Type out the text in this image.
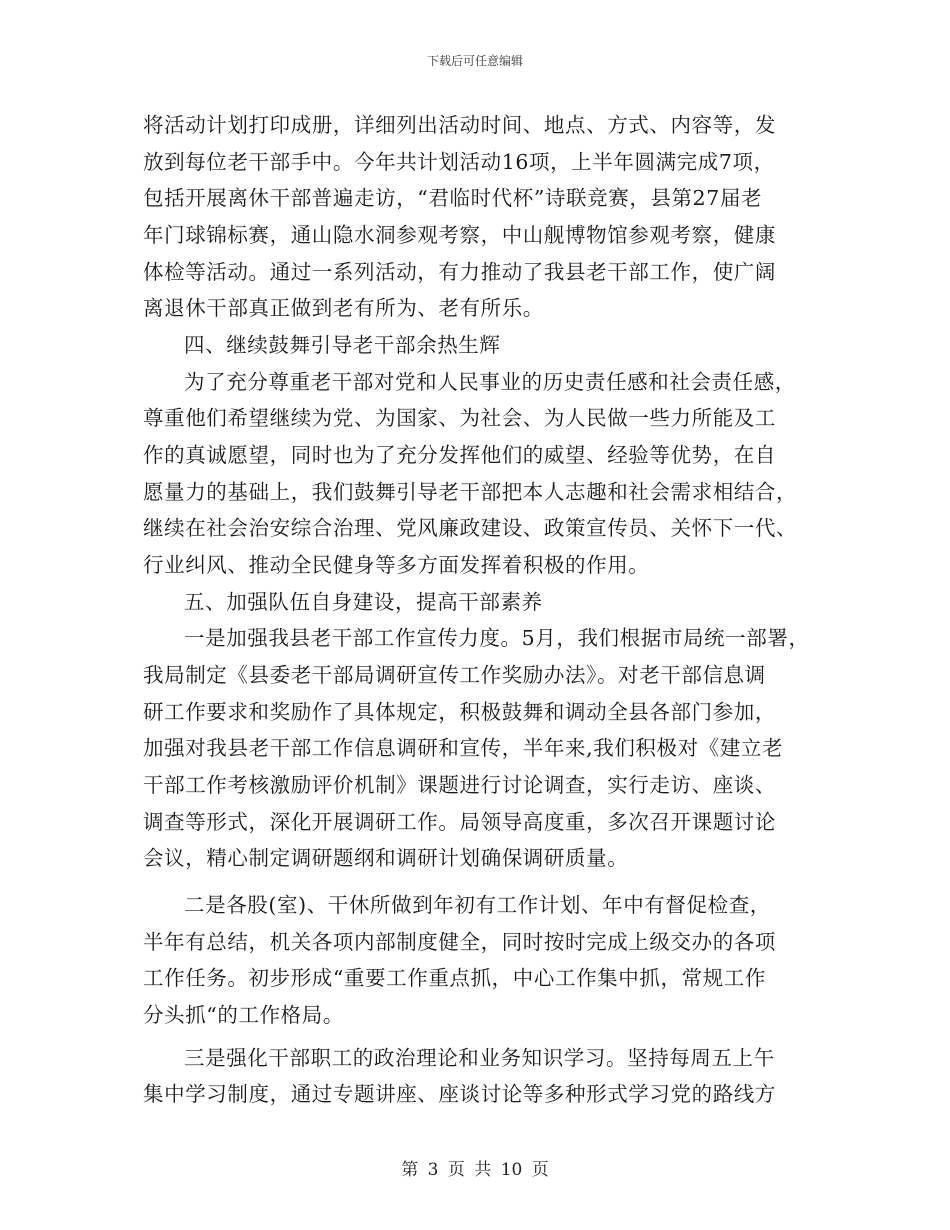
下载后可任意编辑
将活动计划打印成册，详细列出活动时间、地点、方式、内容等，发
放到每位老干部手中。今年共计划活动16项，上半年圆满完成7项，
包括开展离休干部普遍走访，“君临时代杯”诗联竞赛，县第27届老
年门球锦标赛，通山隐水洞参观考察，中山舰博物馆参观考察，健康
体检等活动。通过一系列活动，有力推动了我县老干部工作，使广阔
离退休干部真正做到老有所为、老有所乐。
四、继续鼓舞引导老干部余热生辉
为了充分尊重老干部对党和人民事业的历史责任感和社会责任感，
尊重他们希望继续为党、为国家、为社会、为人民做一些力所能及工
作的真诚愿望，同时也为了充分发挥他们的威望、经验等优势，在自
愿量力的基础上，我们鼓舞引导老干部把本人志趣和社会需求相结合，
继续在社会治安综合治理、党风廉政建设、政策宣传员、关怀下一代、
行业纠风、推动全民健身等多方面发挥着积极的作用。
五、加强队伍自身建设，提高干部素养
一是加强我县老干部工作宣传力度。5月，我们根据市局统一部署，
我局制定《县委老干部局调研宣传工作奖励办法》。对老干部信息调
研工作要求和奖励作了具体规定，积极鼓舞和调动全县各部门参加，
加强对我县老干部工作信息调研和宣传，半年来,我们积极对《建立老
干部工作考核激励评价机制》课题进行讨论调查，实行走访、座谈、
调查等形式，深化开展调研工作。局领导高度重，多次召开课题讨论
会议，精心制定调研题纲和调研计划确保调研质量。
二是各股(室)、干休所做到年初有工作计划、年中有督促检查，
半年有总结，机关各项内部制度健全，同时按时完成上级交办的各项
工作任务。初步形成“重要工作重点抓，中心工作集中抓，常规工作
分头抓“的工作格局。
三是强化干部职工的政治理论和业务知识学习。坚持每周五上午
集中学习制度，通过专题讲座、座谈讨论等多种形式学习党的路线方
第 3 页 共 10 页
